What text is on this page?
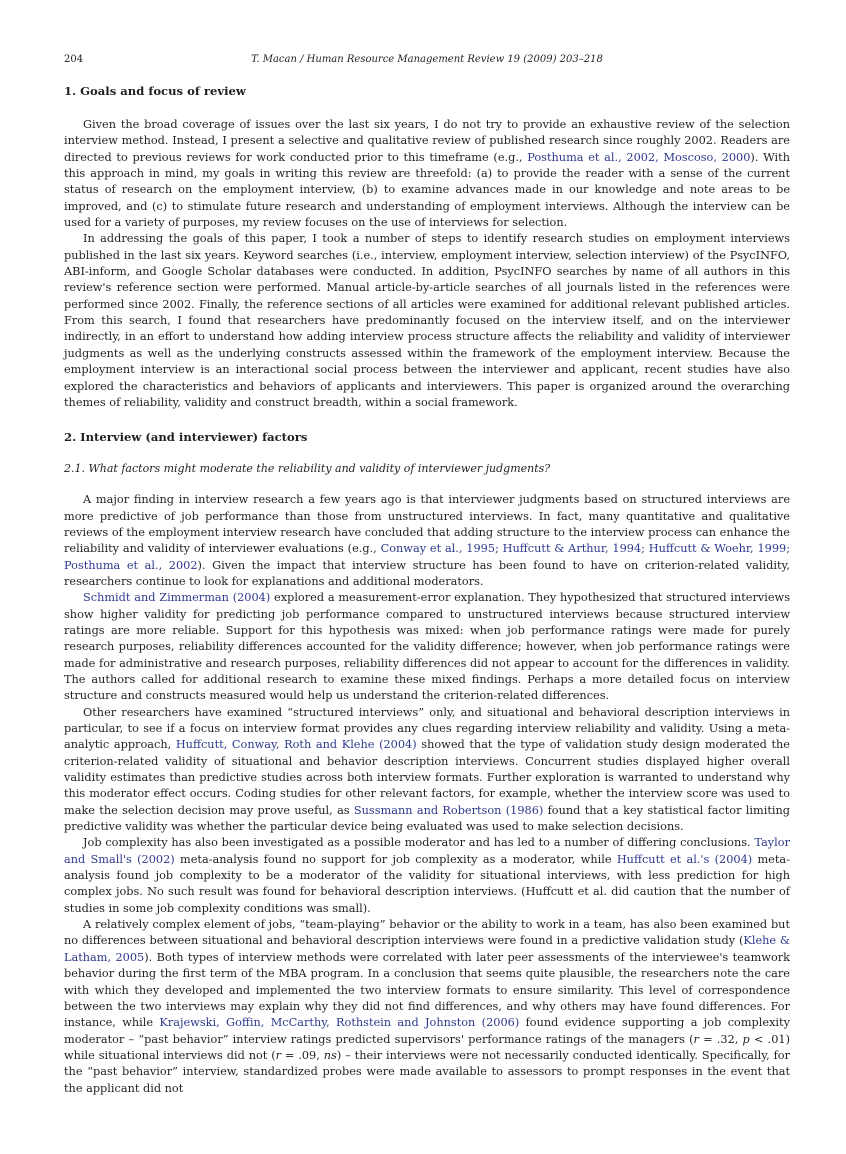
204	T. Macan / Human Resource Management Review 19 (2009) 203–218
1. Goals and focus of review

Given the broad coverage of issues over the last six years, I do not try to provide an exhaustive review of the selection interview method. Instead, I present a selective and qualitative review of published research since roughly 2002. Readers are directed to previous reviews for work conducted prior to this timeframe (e.g., Posthuma et al., 2002, Moscoso, 2000). With this approach in mind, my goals in writing this review are threefold: (a) to provide the reader with a sense of the current status of research on the employment interview, (b) to examine advances made in our knowledge and note areas to be improved, and (c) to stimulate future research and understanding of employment interviews. Although the interview can be used for a variety of purposes, my review focuses on the use of interviews for selection.

In addressing the goals of this paper, I took a number of steps to identify research studies on employment interviews published in the last six years. Keyword searches (i.e., interview, employment interview, selection interview) of the PsycINFO, ABI-inform, and Google Scholar databases were conducted. In addition, PsycINFO searches by name of all authors in this review's reference section were performed. Manual article-by-article searches of all journals listed in the references were performed since 2002. Finally, the reference sections of all articles were examined for additional relevant published articles. From this search, I found that researchers have predominantly focused on the interview itself, and on the interviewer indirectly, in an effort to understand how adding interview process structure affects the reliability and validity of interviewer judgments as well as the underlying constructs assessed within the framework of the employment interview. Because the employment interview is an interactional social process between the interviewer and applicant, recent studies have also explored the characteristics and behaviors of applicants and interviewers. This paper is organized around the overarching themes of reliability, validity and construct breadth, within a social framework.

2. Interview (and interviewer) factors
2.1. What factors might moderate the reliability and validity of interviewer judgments?

A major finding in interview research a few years ago is that interviewer judgments based on structured interviews are more predictive of job performance than those from unstructured interviews. In fact, many quantitative and qualitative reviews of the employment interview research have concluded that adding structure to the interview process can enhance the reliability and validity of interviewer evaluations (e.g., Conway et al., 1995; Huffcutt & Arthur, 1994; Huffcutt & Woehr, 1999; Posthuma et al., 2002). Given the impact that interview structure has been found to have on criterion-related validity, researchers continue to look for explanations and additional moderators.

Schmidt and Zimmerman (2004) explored a measurement-error explanation. They hypothesized that structured interviews show higher validity for predicting job performance compared to unstructured interviews because structured interview ratings are more reliable. Support for this hypothesis was mixed: when job performance ratings were made for purely research purposes, reliability differences accounted for the validity difference; however, when job performance ratings were made for administrative and research purposes, reliability differences did not appear to account for the differences in validity. The authors called for additional research to examine these mixed findings. Perhaps a more detailed focus on interview structure and constructs measured would help us understand the criterion-related differences.

Other researchers have examined “structured interviews” only, and situational and behavioral description interviews in particular, to see if a focus on interview format provides any clues regarding interview reliability and validity. Using a meta-analytic approach, Huffcutt, Conway, Roth and Klehe (2004) showed that the type of validation study design moderated the criterion-related validity of situational and behavior description interviews. Concurrent studies displayed higher overall validity estimates than predictive studies across both interview formats. Further exploration is warranted to understand why this moderator effect occurs. Coding studies for other relevant factors, for example, whether the interview score was used to make the selection decision may prove useful, as Sussmann and Robertson (1986) found that a key statistical factor limiting predictive validity was whether the particular device being evaluated was used to make selection decisions.

Job complexity has also been investigated as a possible moderator and has led to a number of differing conclusions. Taylor and Small's (2002) meta-analysis found no support for job complexity as a moderator, while Huffcutt et al.'s (2004) meta-analysis found job complexity to be a moderator of the validity for situational interviews, with less prediction for high complex jobs. No such result was found for behavioral description interviews. (Huffcutt et al. did caution that the number of studies in some job complexity conditions was small).

A relatively complex element of jobs, “team-playing” behavior or the ability to work in a team, has also been examined but no differences between situational and behavioral description interviews were found in a predictive validation study (Klehe & Latham, 2005). Both types of interview methods were correlated with later peer assessments of the interviewee's teamwork behavior during the first term of the MBA program. In a conclusion that seems quite plausible, the researchers note the care with which they developed and implemented the two interview formats to ensure similarity. This level of correspondence between the two interviews may explain why they did not find differences, and why others may have found differences. For instance, while Krajewski, Goffin, McCarthy, Rothstein and Johnston (2006) found evidence supporting a job complexity moderator – “past behavior” interview ratings predicted supervisors' performance ratings of the managers (r = .32, p < .01) while situational interviews did not (r = .09, ns) – their interviews were not necessarily conducted identically. Specifically, for the “past behavior” interview, standardized probes were made available to assessors to prompt responses in the event that the applicant did not
